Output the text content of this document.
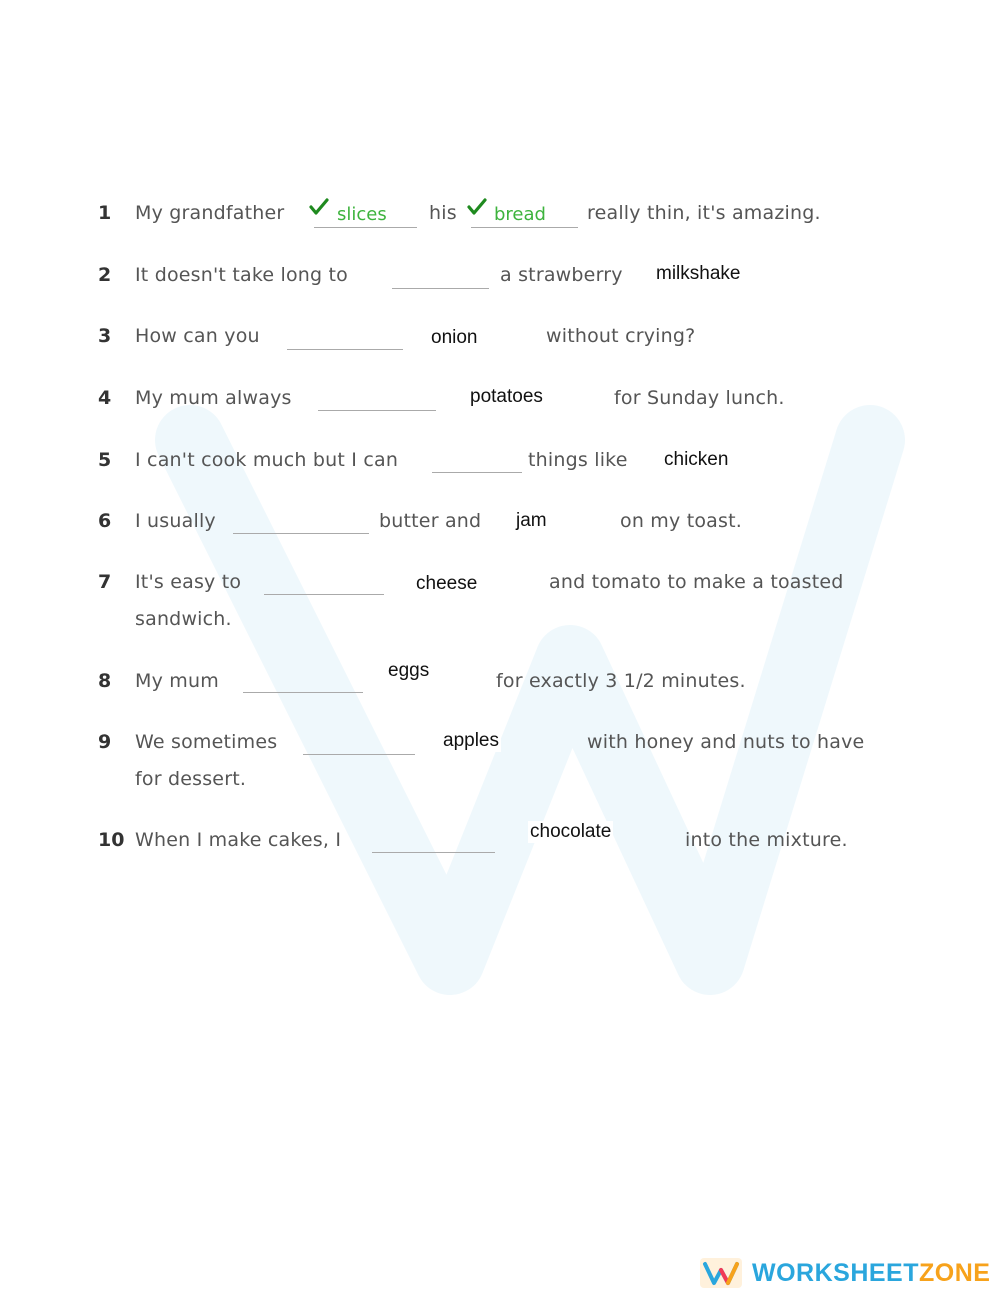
1 My grandfather	slices his bread really thin, it's amazing.
2 It doesn't take long to	a strawberry milkshake
3 How can you	onion	without crying?
4 My mum always	potatoes	for Sunday lunch.
5 I can't cook much but I can	things like chicken
6 I usually	butter and jam	on my toast.
7 It's easy to	cheese	and tomato to make a toasted
sandwich.
8 My mum	eggs	for exactly 3 1/2 minutes.
9 We sometimes	apples	with honey and nuts to have
for dessert.
10 When I make cakes, I	chocolate	into the mixture.
WORKSHEETZONE
